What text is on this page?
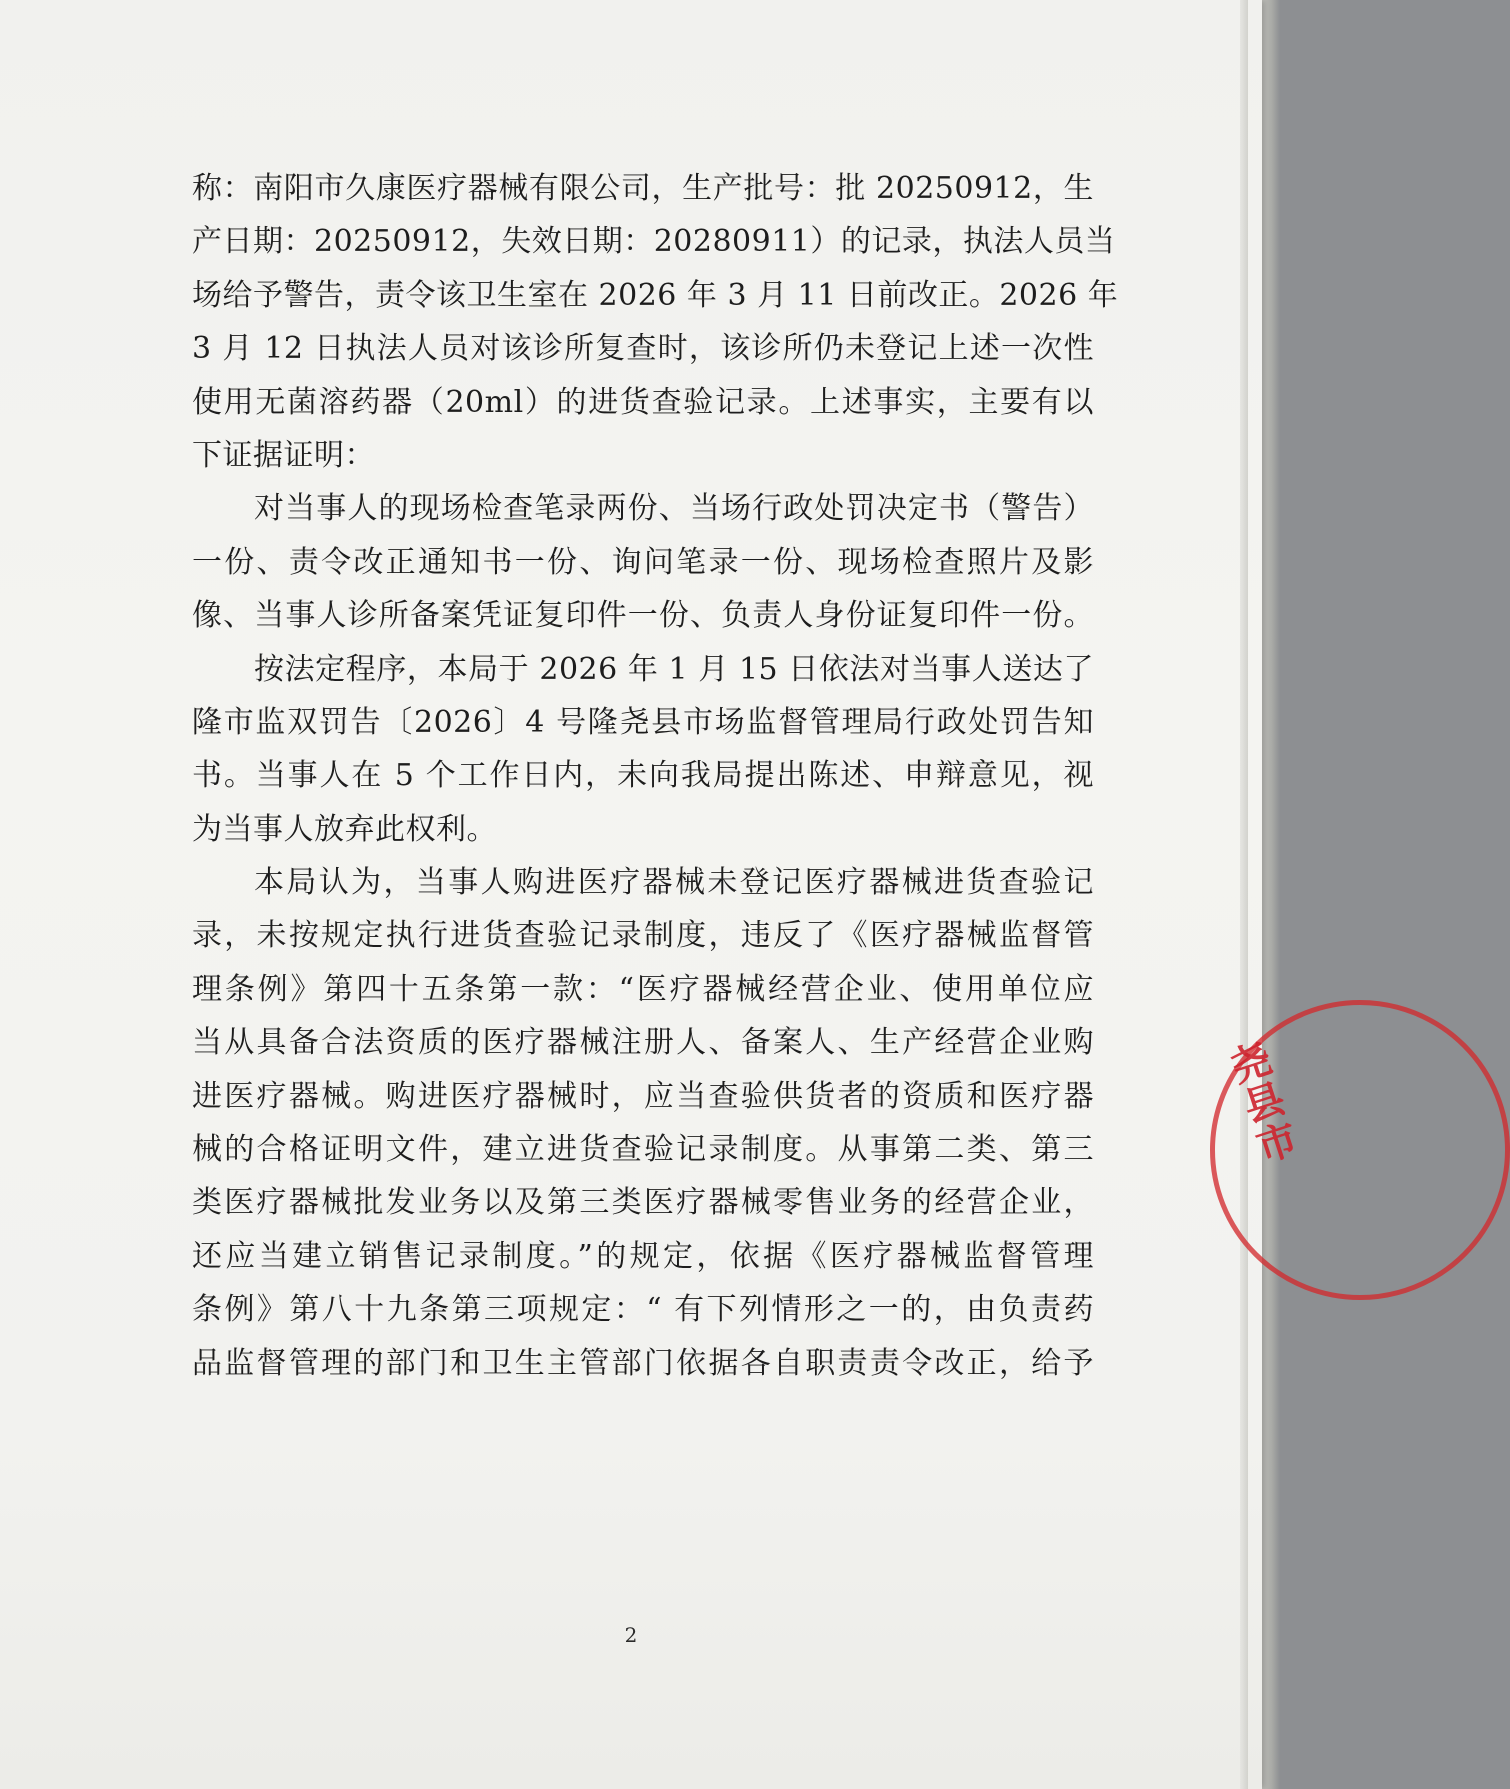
称：南阳市久康医疗器械有限公司，生产批号：批 20250912，生
产日期：20250912，失效日期：20280911）的记录，执法人员当
场给予警告，责令该卫生室在 2026 年 3 月 11 日前改正。2026 年
3 月 12 日执法人员对该诊所复查时，该诊所仍未登记上述一次性
使用无菌溶药器（20ml）的进货查验记录。上述事实，主要有以
下证据证明：
对当事人的现场检查笔录两份、当场行政处罚决定书（警告）
一份、责令改正通知书一份、询问笔录一份、现场检查照片及影
像、当事人诊所备案凭证复印件一份、负责人身份证复印件一份。
按法定程序，本局于 2026 年 1 月 15 日依法对当事人送达了
隆市监双罚告〔2026〕4 号隆尧县市场监督管理局行政处罚告知
书。当事人在 5 个工作日内，未向我局提出陈述、申辩意见，视
为当事人放弃此权利。
本局认为，当事人购进医疗器械未登记医疗器械进货查验记
录，未按规定执行进货查验记录制度，违反了《医疗器械监督管
理条例》第四十五条第一款：“医疗器械经营企业、使用单位应
当从具备合法资质的医疗器械注册人、备案人、生产经营企业购
进医疗器械。购进医疗器械时，应当查验供货者的资质和医疗器
械的合格证明文件，建立进货查验记录制度。从事第二类、第三
类医疗器械批发业务以及第三类医疗器械零售业务的经营企业，
还应当建立销售记录制度。”的规定，依据《医疗器械监督管理
条例》第八十九条第三项规定：“ 有下列情形之一的，由负责药
品监督管理的部门和卫生主管部门依据各自职责责令改正，给予
2
尧县市
